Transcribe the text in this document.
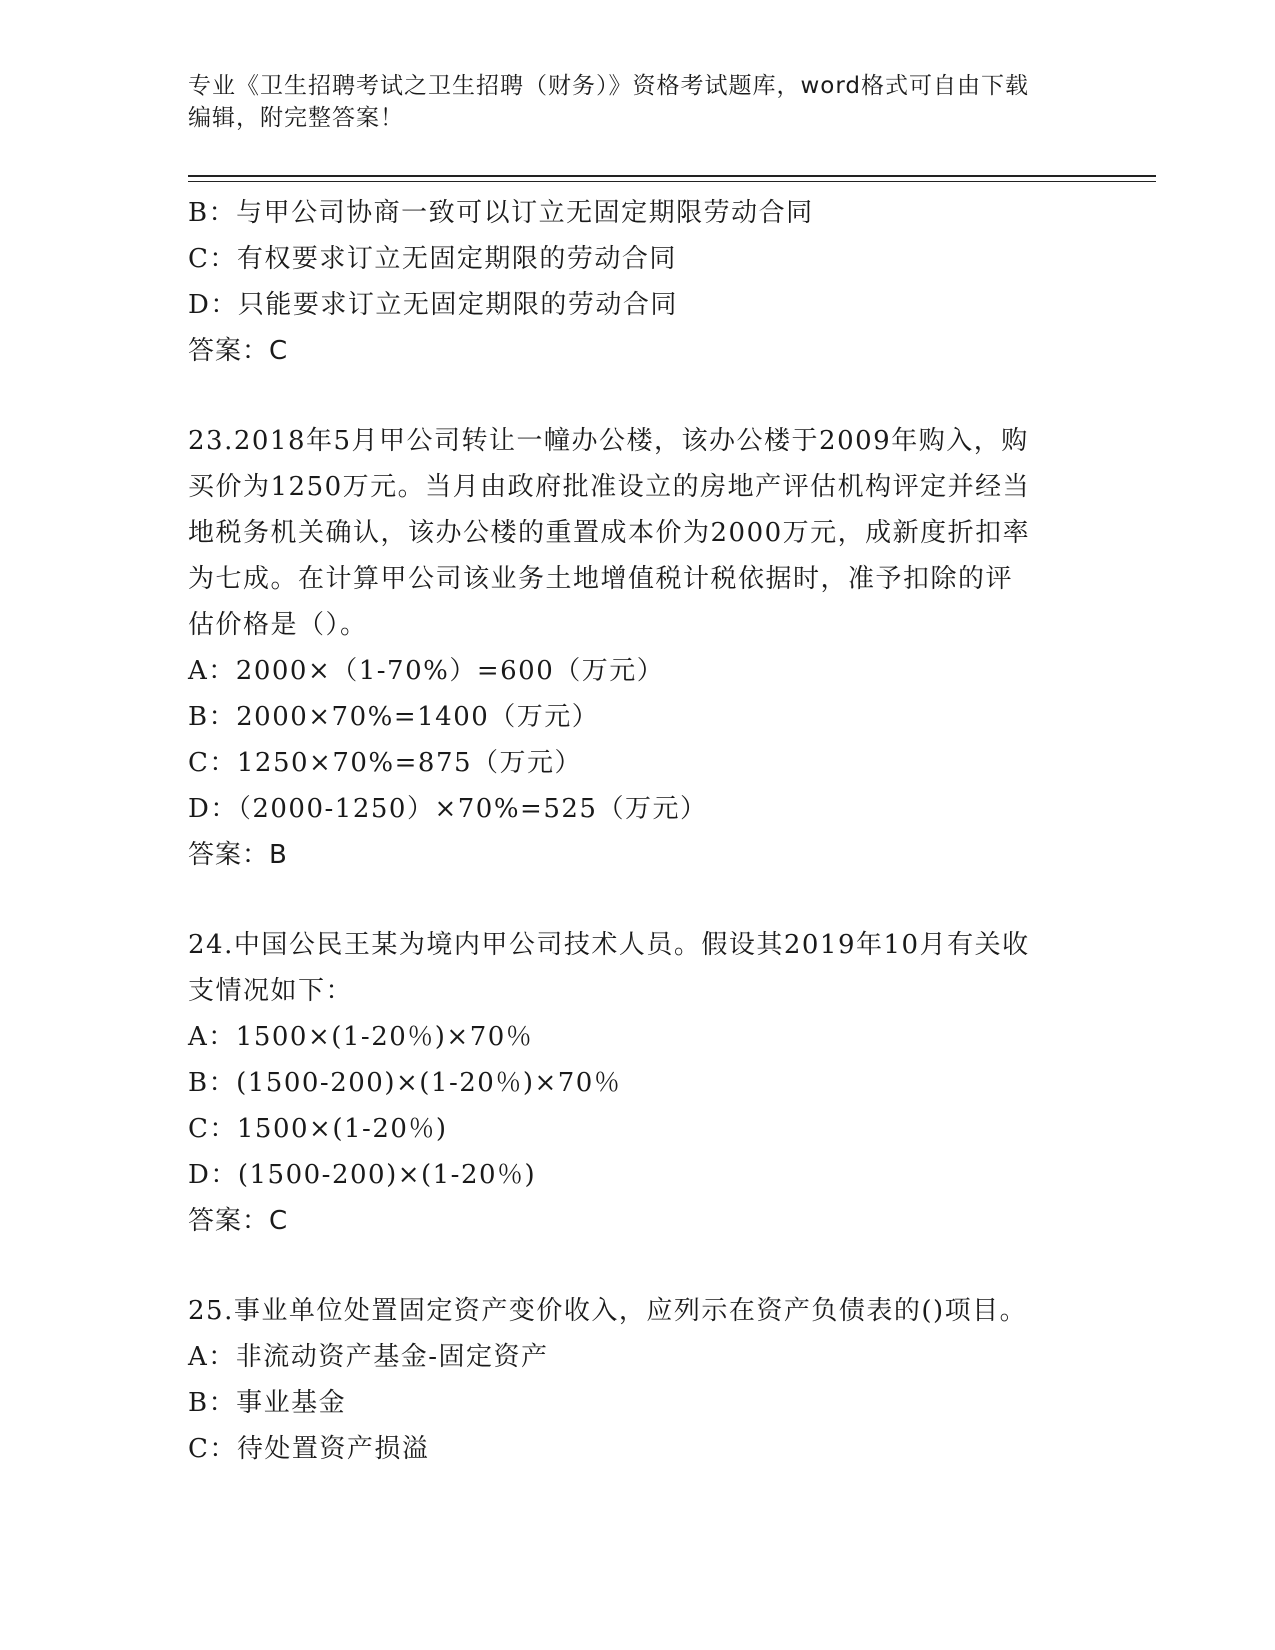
专业《卫生招聘考试之卫生招聘（财务）》资格考试题库，word格式可自由下载
编辑，附完整答案！
B：与甲公司协商一致可以订立无固定期限劳动合同
C：有权要求订立无固定期限的劳动合同
D：只能要求订立无固定期限的劳动合同
答案：C
23.2018年5月甲公司转让一幢办公楼，该办公楼于2009年购入，购
买价为1250万元。当月由政府批准设立的房地产评估机构评定并经当
地税务机关确认，该办公楼的重置成本价为2000万元，成新度折扣率
为七成。在计算甲公司该业务土地增值税计税依据时，准予扣除的评
估价格是（）。
A：2000×（1-70%）=600（万元）
B：2000×70%=1400（万元）
C：1250×70%=875（万元）
D：（2000-1250）×70%=525（万元）
答案：B
24.中国公民王某为境内甲公司技术人员。假设其2019年10月有关收
支情况如下：
A：1500×(1-20％)×70％
B：(1500-200)×(1-20％)×70％
C：1500×(1-20％)
D：(1500-200)×(1-20％)
答案：C
25.事业单位处置固定资产变价收入，应列示在资产负债表的()项目。
A：非流动资产基金-固定资产
B：事业基金
C：待处置资产损溢
